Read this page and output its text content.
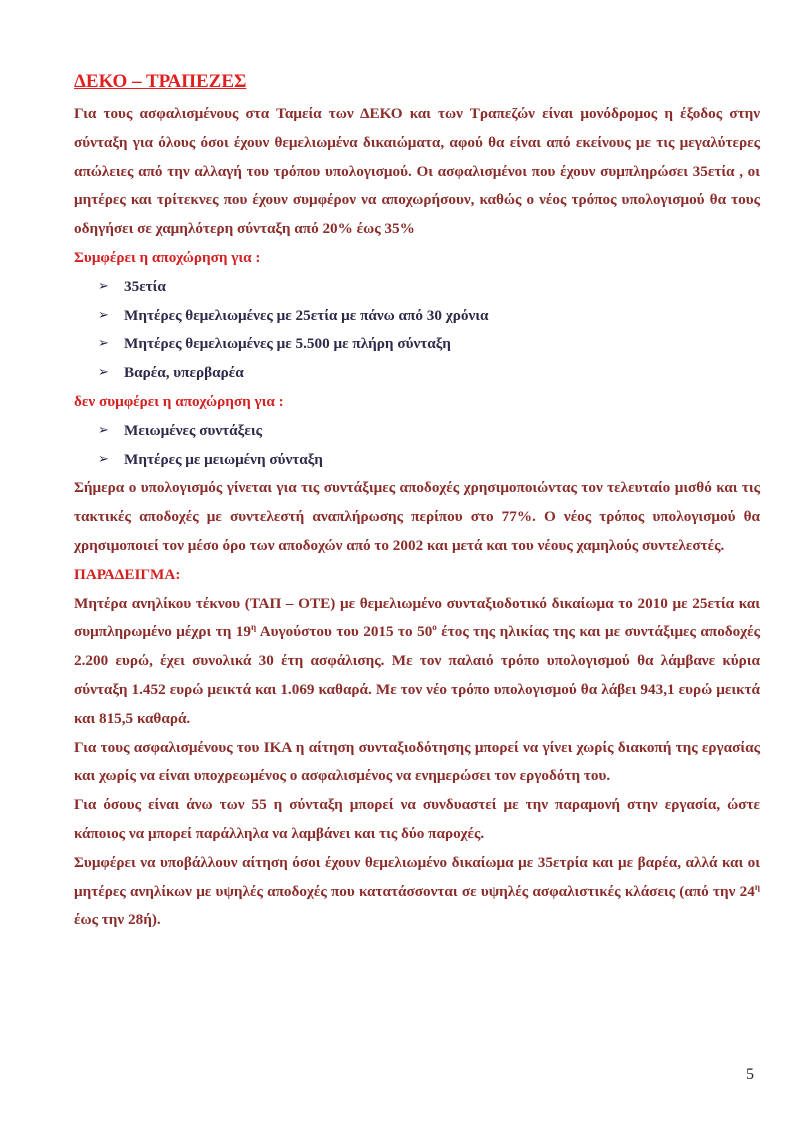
ΔΕΚΟ – ΤΡΑΠΕΖΕΣ

Για τους ασφαλισμένους στα Ταμεία των ΔΕΚΟ και των Τραπεζών είναι μονόδρομος η έξοδος στην σύνταξη για όλους όσοι έχουν θεμελιωμένα δικαιώματα, αφού θα είναι από εκείνους με τις μεγαλύτερες απώλειες από την αλλαγή του τρόπου υπολογισμού. Οι ασφαλισμένοι που έχουν συμπληρώσει 35ετία , οι μητέρες και τρίτεκνες που έχουν συμφέρον να αποχωρήσουν, καθώς ο νέος τρόπος υπολογισμού θα τους οδηγήσει σε χαμηλότερη σύνταξη από 20% έως 35%

Συμφέρει η αποχώρηση για :

➢ 35ετία
➢ Μητέρες θεμελιωμένες με 25ετία με πάνω από 30 χρόνια
➢ Μητέρες θεμελιωμένες με 5.500 με πλήρη σύνταξη
➢ Βαρέα, υπερβαρέα

δεν συμφέρει η αποχώρηση για :

➢ Μειωμένες συντάξεις
➢ Μητέρες με μειωμένη σύνταξη

Σήμερα ο υπολογισμός γίνεται για τις συντάξιμες αποδοχές χρησιμοποιώντας τον τελευταίο μισθό και τις τακτικές αποδοχές με συντελεστή αναπλήρωσης περίπου στο 77%. Ο νέος τρόπος υπολογισμού θα χρησιμοποιεί τον μέσο όρο των αποδοχών από το 2002 και μετά και του νέους χαμηλούς συντελεστές.

ΠΑΡΑΔΕΙΓΜΑ:

Μητέρα ανηλίκου τέκνου (ΤΑΠ – ΟΤΕ) με θεμελιωμένο συνταξιοδοτικό δικαίωμα το 2010 με 25ετία και συμπληρωμένο μέχρι τη $19^\eta$ Αυγούστου του 2015 το $50^o$ έτος της ηλικίας της και με συντάξιμες αποδοχές 2.200 ευρώ, έχει συνολικά 30 έτη ασφάλισης. Με τον παλαιό τρόπο υπολογισμού θα λάμβανε κύρια σύνταξη 1.452 ευρώ μεικτά και 1.069 καθαρά. Με τον νέο τρόπο υπολογισμού θα λάβει 943,1 ευρώ μεικτά και 815,5 καθαρά.

Για τους ασφαλισμένους του ΙΚΑ η αίτηση συνταξιοδότησης μπορεί να γίνει χωρίς διακοπή της εργασίας και χωρίς να είναι υποχρεωμένος ο ασφαλισμένος να ενημερώσει τον εργοδότη του.

Για όσους είναι άνω των 55 η σύνταξη μπορεί να συνδυαστεί με την παραμονή στην εργασία, ώστε κάποιος να μπορεί παράλληλα να λαμβάνει και τις δύο παροχές.

Συμφέρει να υποβάλλουν αίτηση όσοι έχουν θεμελιωμένο δικαίωμα με 35ετρία και με βαρέα, αλλά και οι μητέρες ανηλίκων με υψηλές αποδοχές που κατατάσσονται σε υψηλές ασφαλιστικές κλάσεις (από την $24^\eta$ έως την 28ή).

5
